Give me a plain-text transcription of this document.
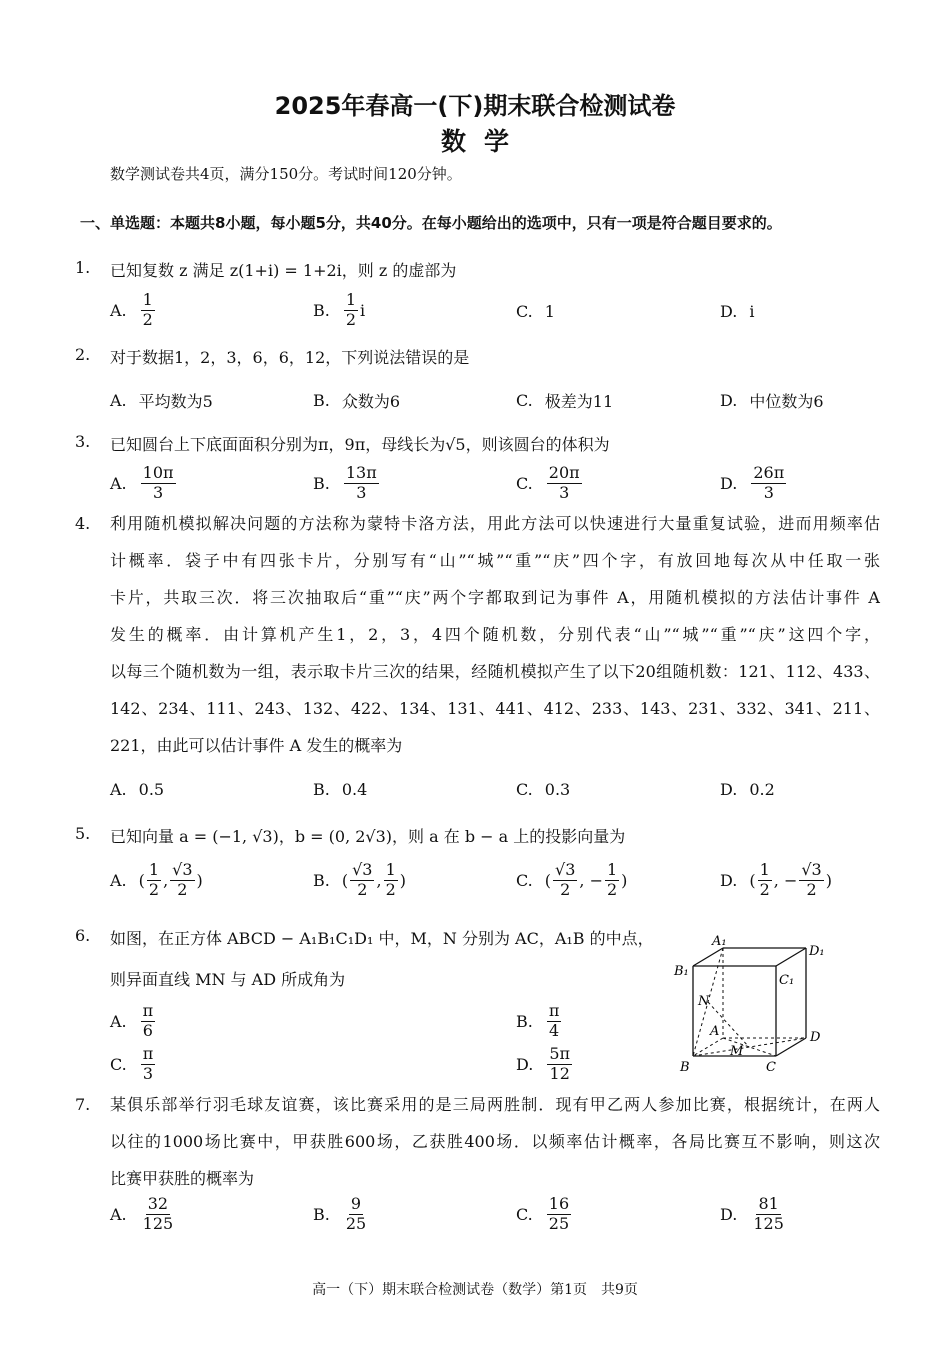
2025年春高一(下)期末联合检测试卷
数学
数学测试卷共4页，满分150分。考试时间120分钟。
一、单选题：本题共8小题，每小题5分，共40分。在每小题给出的选项中，只有一项是符合题目要求的。
1. 已知复数 z 满足 z(1+i) = 1+2i，则 z 的虚部为
A. $\frac{1}{2}$	B. $\frac{1}{2}$ i	C. 1	D. i
2. 对于数据1，2，3，6，6，12，下列说法错误的是
A. 平均数为5	B. 众数为6	C. 极差为11	D. 中位数为6
3. 已知圆台上下底面面积分别为π，9π，母线长为√5，则该圆台的体积为
A. $\frac{10\pi}{3}$	B. $\frac{13\pi}{3}$	C. $\frac{20\pi}{3}$	D. $\frac{26\pi}{3}$
4. 利用随机模拟解决问题的方法称为蒙特卡洛方法，用此方法可以快速进行大量重复试验，进而用频率估
计概率．袋子中有四张卡片，分别写有“山”“城”“重”“庆”四个字，有放回地每次从中任取一张
卡片，共取三次．将三次抽取后“重”“庆”两个字都取到记为事件 A，用随机模拟的方法估计事件 A
发生的概率．由计算机产生1，2，3，4四个随机数，分别代表“山”“城”“重”“庆”这四个字，
以每三个随机数为一组，表示取卡片三次的结果，经随机模拟产生了以下20组随机数：121、112、433、
142、234、111、243、132、422、134、131、441、412、233、143、231、332、341、211、
221，由此可以估计事件 A 发生的概率为
A. 0.5	B. 0.4	C. 0.3	D. 0.2
5. 已知向量 a = (−1, √3)，b = (0, 2√3)，则 a 在 b − a 上的投影向量为
A. ( $\frac{1}{2}$ , $\frac{√3}{2}$ )	B. ( $\frac{√3}{2}$ , $\frac{1}{2}$ )	C. ( $\frac{√3}{2}$ , − $\frac{1}{2}$ )	D. ( $\frac{1}{2}$ , − $\frac{√3}{2}$ )
6. 如图，在正方体 ABCD − A₁B₁C₁D₁ 中，M，N 分别为 AC，A₁B 的中点，
则异面直线 MN 与 AD 所成角为
A. $\frac{\pi}{6}$	B. $\frac{\pi}{4}$
C. $\frac{\pi}{3}$	D. $\frac{5\pi}{12}$
A₁
D₁
B₁
C₁
N
A
M
D
B	C
7. 某俱乐部举行羽毛球友谊赛，该比赛采用的是三局两胜制．现有甲乙两人参加比赛，根据统计，在两人
以往的1000场比赛中，甲获胜600场，乙获胜400场．以频率估计概率，各局比赛互不影响，则这次
比赛甲获胜的概率为
A. $\frac{32}{125}$	B. $\frac{9}{25}$	C. $\frac{16}{25}$	D. $\frac{81}{125}$
高一（下）期末联合检测试卷（数学）第1页　共9页
